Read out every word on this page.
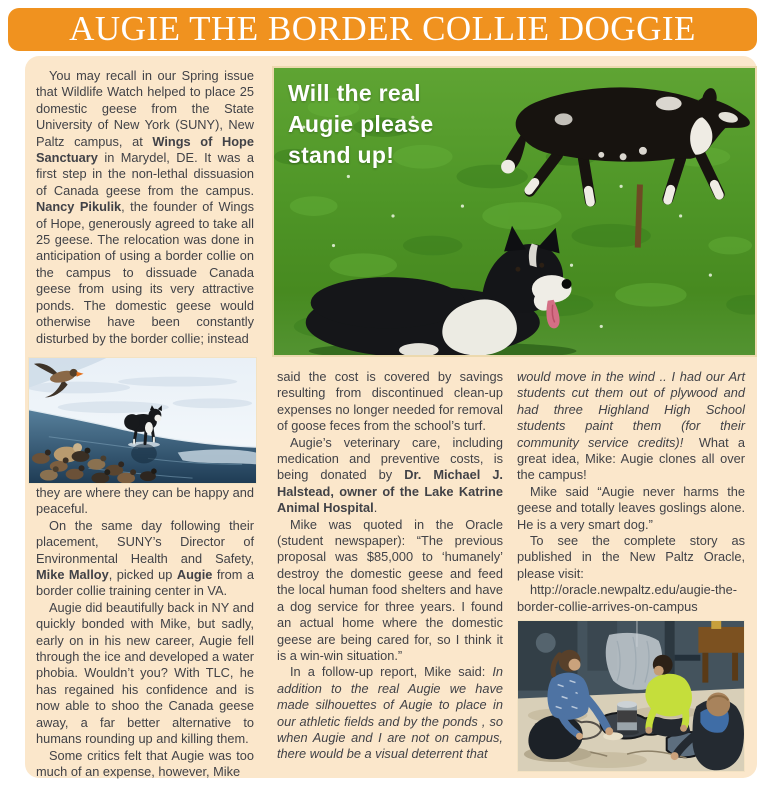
AUGIE THE BORDER COLLIE DOGGIE

You may recall in our Spring issue that Wildlife Watch helped to place 25 domestic geese from the State University of New York (SUNY), New Paltz campus, at Wings of Hope Sanctuary in Marydel, DE. It was a first step in the non-lethal dissuasion of Canada geese from the campus. Nancy Pikulik, the founder of Wings of Hope, generously agreed to take all 25 geese. The relocation was done in anticipation of using a border collie on the campus to dissuade Canada geese from using its very attractive ponds. The domestic geese would otherwise have been constantly disturbed by the border collie; instead

they are where they can be happy and peaceful.

On the same day following their placement, SUNY’s Director of Environmental Health and Safety, Mike Malloy, picked up Augie from a border collie training center in VA.

Augie did beautifully back in NY and quickly bonded with Mike, but sadly, early on in his new career, Augie fell through the ice and developed a water phobia. Wouldn’t you? With TLC, he has regained his confidence and is now able to shoo the Canada geese away, a far better alternative to humans rounding up and killing them.

Some critics felt that Augie was too much of an expense, however, Mike

Will the real
Augie please
stand up!

said the cost is covered by savings resulting from discontinued clean-up expenses no longer needed for removal of goose feces from the school’s turf.

Augie’s veterinary care, including medication and preventive costs, is being donated by Dr. Michael J. Halstead, owner of the Lake Katrine Animal Hospital.

Mike was quoted in the Oracle (student newspaper): “The previous proposal was $85,000 to ‘humanely’ destroy the domestic geese and feed the local human food shelters and have a dog service for three years. I found an actual home where the domestic geese are being cared for, so I think it is a win-win situation.”

In a follow-up report, Mike said: In addition to the real Augie we have made silhouettes of Augie to place in our athletic fields and by the ponds , so when Augie and I are not on campus, there would be a visual deterrent that

would move in the wind .. I had our Art students cut them out of plywood and had three Highland High School students paint them (for their community service credits)!  What a great idea, Mike: Augie clones all over the campus!

Mike said “Augie never harms the geese and totally leaves goslings alone. He is a very smart dog.”

To see the complete story as published in the New Paltz Oracle, please visit:

http://oracle.newpaltz.edu/augie-the-border-collie-arrives-on-campus
